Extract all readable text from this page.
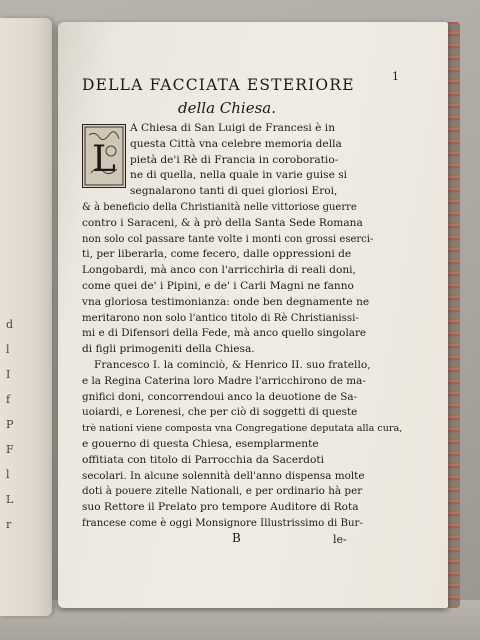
d
l
I
f
P
F
l
L
r
1
DELLA FACCIATA ESTERIORE
della Chiesa.
L
A Chiesa di San Luigi de Francesi è in
questa Città vna celebre memoria della
pietà de'i Rè di Francia in coroboratio-
ne di quella, nella quale in varie guise si
segnalarono tanti di quei gloriosi Eroi,
& à beneficio della Christianità nelle vittoriose guerre
contro i Saraceni, & à prò della Santa Sede Romana
non solo col passare tante volte i monti con grossi eserci-
ti, per liberarla, come fecero, dalle oppressioni de
Longobardi, mà anco con l'arricchirla di reali doni,
come quei de' i Pipini, e de' i Carli Magni ne fanno
vna gloriosa testimonianza: onde ben degnamente ne
meritarono non solo l'antico titolo di Rè Christianissi-
mi e di Difensori della Fede, mà anco quello singolare
di figli primogeniti della Chiesa.
Francesco I. la cominciò, & Henrico II. suo fratello,
e la Regina Caterina loro Madre l'arricchirono de ma-
gnifici doni, concorrendoui anco la deuotione de Sa-
uoiardi, e Lorenesi, che per ciò di soggetti di queste
trè nationi viene composta vna Congregatione deputata alla cura,
e gouerno di questa Chiesa, esemplarmente
offitiata con titolo di Parrocchia da Sacerdoti
secolari. In alcune solennità dell'anno dispensa molte
doti à pouere zitelle Nationali, e per ordinario hà per
suo Rettore il Prelato pro tempore Auditore di Rota
francese come è oggi Monsignore Illustrissimo di Bur-
B	le-
